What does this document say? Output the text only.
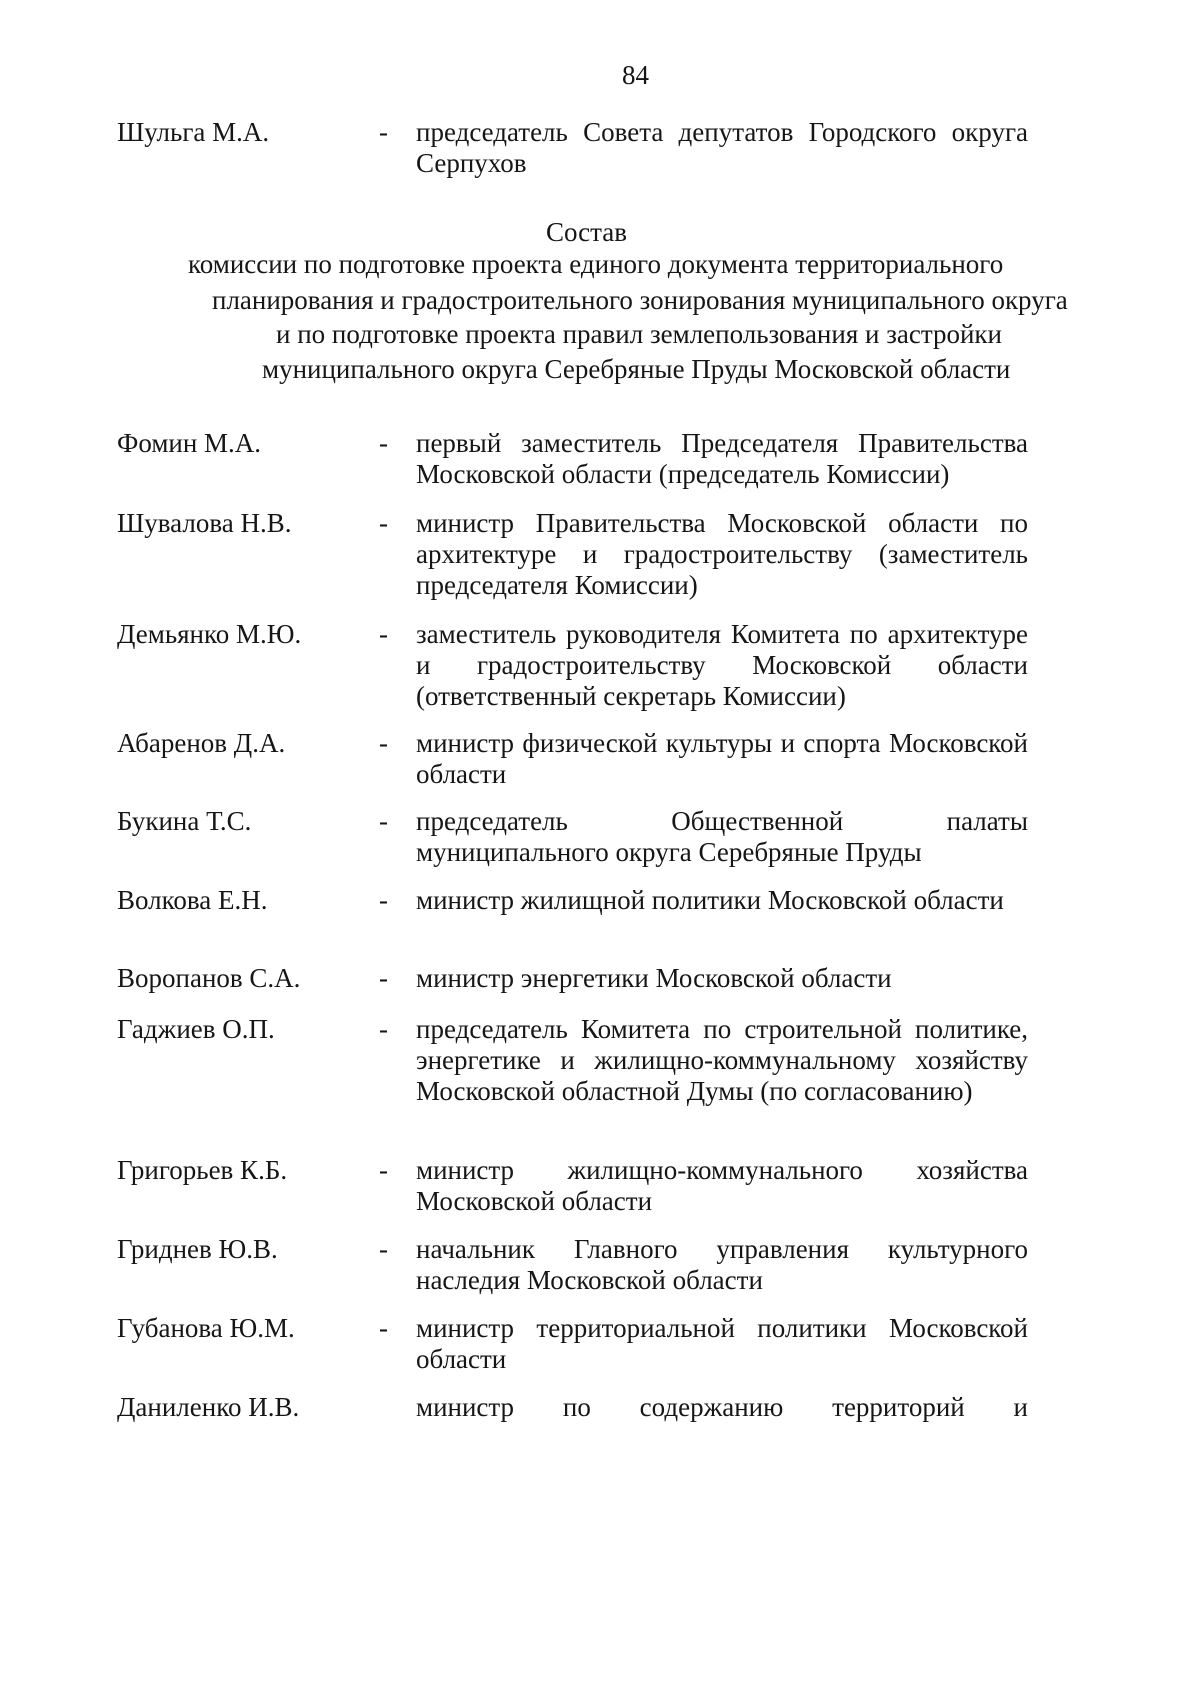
84
Шульга М.А.	- председатель Совета депутатов Городского округа Серпухов
Состав
комиссии по подготовке проекта единого документа территориального
планирования и градостроительного зонирования муниципального округа
и по подготовке проекта правил землепользования и застройки
муниципального округа Серебряные Пруды Московской области
Фомин М.А.	- первый заместитель Председателя Правительства Московской области (председатель Комиссии)
Шувалова Н.В.	- министр Правительства Московской области по архитектуре и градостроительству (заместитель председателя Комиссии)
Демьянко М.Ю.	- заместитель руководителя Комитета по архитектуре и градостроительству Московской области (ответственный секретарь Комиссии)
Абаренов Д.А.	- министр физической культуры и спорта Московской области
Букина Т.С.	- председатель Общественной палаты муниципального округа Серебряные Пруды
Волкова Е.Н.	- министр жилищной политики Московской области
Воропанов С.А.	- министр энергетики Московской области
Гаджиев О.П.	- председатель Комитета по строительной политике, энергетике и жилищно-коммунальному хозяйству Московской областной Думы (по согласованию)
Григорьев К.Б.	- министр жилищно-коммунального хозяйства Московской области
Гриднев Ю.В.	- начальник Главного управления культурного наследия Московской области
Губанова Ю.М.	- министр территориальной политики Московской области
Даниленко И.В.	министр по содержанию территорий и
